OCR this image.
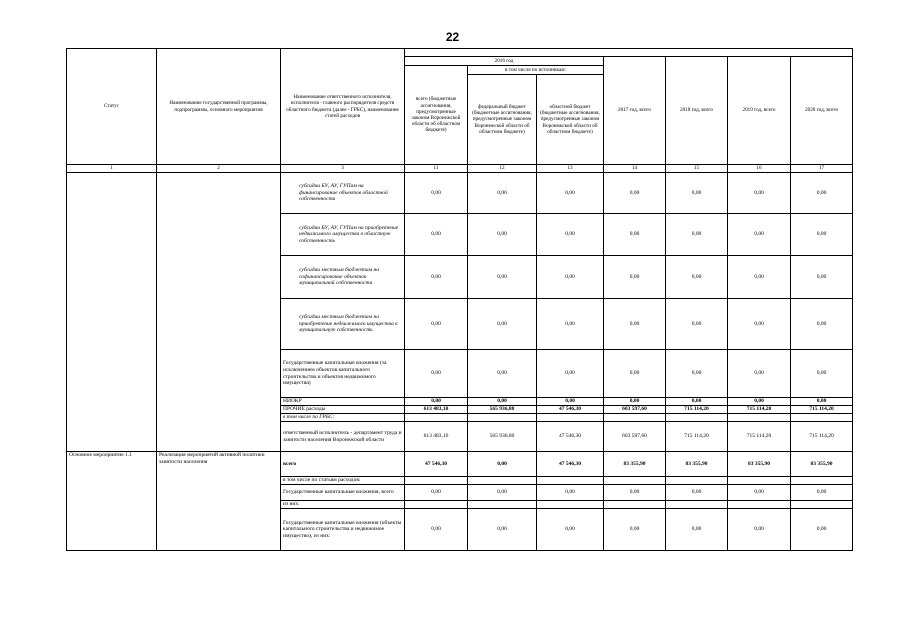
22
Статус	Наименование государственной программы, подпрограммы, основного мероприятия	Наименование ответственного исполнителя, исполнителя - главного распорядителя средств областного бюджета (далее - ГРБС), наименование статей расходов							
			2016 год			2017 год, всего	2018 год, всего	2019 год, всего	2020 год, всего
			всего (бюджетные ассигнования, предусмотренные законом Воронежской области об областном бюджете)	в том числе по источникам:					
				федеральный бюджет (бюджетные ассигнования, предусмотренные законом Воронежской области об областном бюджете)	областной бюджет (бюджетные ассигнования, предусмотренные законом Воронежской области об областном бюджете)				
1	2	3	11	12	13	14	15	16	17
		субсидии БУ, АУ, ГУПам на финансирование объектов областной собственности	0,00	0,00	0,00	0,00	0,00	0,00	0,00
		субсидии БУ, АУ, ГУПам на приобретение недвижимого имущества в областную собственность	0,00	0,00	0,00	0,00	0,00	0,00	0,00
		субсидии местным бюджетам на софинансирование объектов муниципальной собственности	0,00	0,00	0,00	0,00	0,00	0,00	0,00
		субсидии местным бюджетам на приобретение недвижимого имущества в муниципальную собственность	0,00	0,00	0,00	0,00	0,00	0,00	0,00
		Государственные капитальные вложения (за исключением объектов капитального строительства и объектов недвижимого имущества)	0,00	0,00	0,00	0,00	0,00	0,00	0,00
		НИОКР	0,00	0,00	0,00	0,00	0,00	0,00	0,00
		ПРОЧИЕ расходы	613 483,10	565 936,80	47 546,30	603 597,60	715 114,20	715 114,20	715 114,20
		в том числе по ГРБС:							
		ответственный исполнитель - департамент труда и занятости населения Воронежской области	613 483,10	565 936,80	47 546,30	603 597,60	715 114,20	715 114,20	715 114,20
Основное мероприятие 1.1	Реализация мероприятий активной политики занятости населения	всего	47 546,30	0,00	47 546,30	83 355,90	83 355,90	83 355,90	83 355,90
		в том числе по статьям расходов:							
		Государственные капитальные вложения, всего	0,00	0,00	0,00	0,00	0,00	0,00	0,00
		из них:							
		Государственные капитальные вложения (объекты капитального строительства и недвижимое имущество), из них:	0,00	0,00	0,00	0,00	0,00	0,00	0,00
